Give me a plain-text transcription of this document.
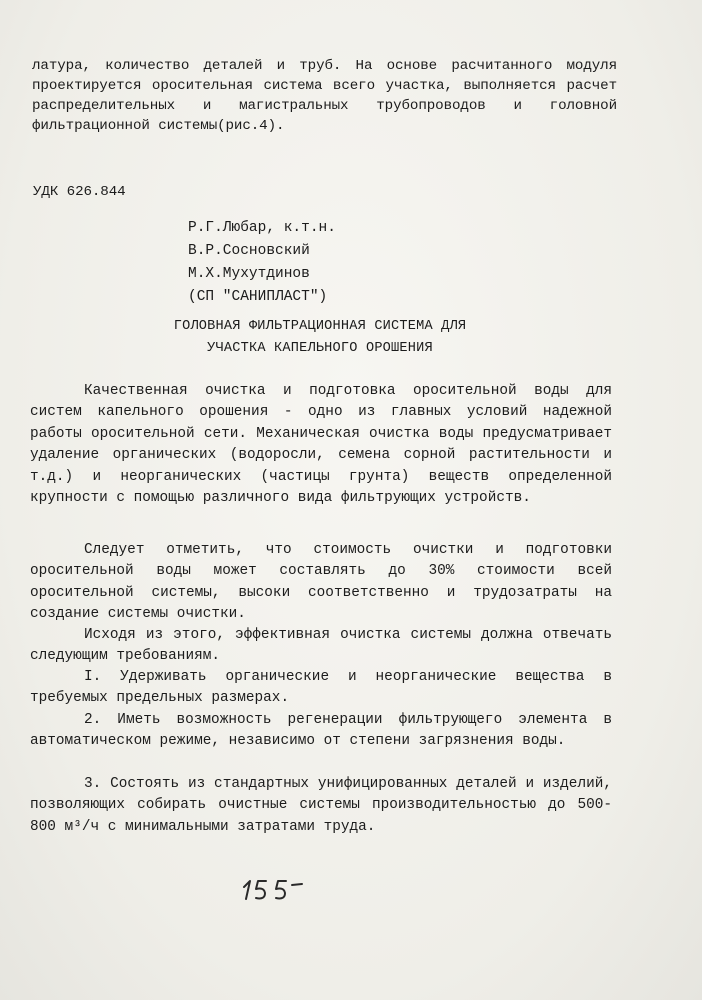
латура, количество деталей и труб. На основе расчитанного модуля проектируется оросительная система всего участка, выполняется расчет распределительных и магистральных трубопроводов и головной фильтрационной системы(рис.4).

УДК 626.844
Р.Г.Любар, к.т.н.
В.Р.Сосновский
М.Х.Мухутдинов
(СП "САНИПЛАСТ")
ГОЛОВНАЯ ФИЛЬТРАЦИОННАЯ СИСТЕМА ДЛЯ
УЧАСТКА КАПЕЛЬНОГО ОРОШЕНИЯ

Качественная очистка и подготовка оросительной воды для систем капельного орошения - одно из главных условий надежной работы оросительной сети. Механическая очистка воды предусматривает удаление органических (водоросли, семена сорной растительности и т.д.) и неорганических (частицы грунта) веществ определенной крупности с помощью различного вида фильтрующих устройств.

Следует отметить, что стоимость очистки и подготовки оросительной воды может составлять до 30% стоимости всей оросительной системы, высоки соответственно и трудозатраты на создание системы очистки.

Исходя из этого, эффективная очистка системы должна отвечать следующим требованиям.

I. Удерживать органические и неорганические вещества в требуемых предельных размерах.

2. Иметь возможность регенерации фильтрующего элемента в автоматическом режиме, независимо от степени загрязнения воды.

3. Состоять из стандартных унифицированных деталей и изделий, позволяющих собирать очистные системы производительностью до 500-800 м³/ч с минимальными затратами труда.
